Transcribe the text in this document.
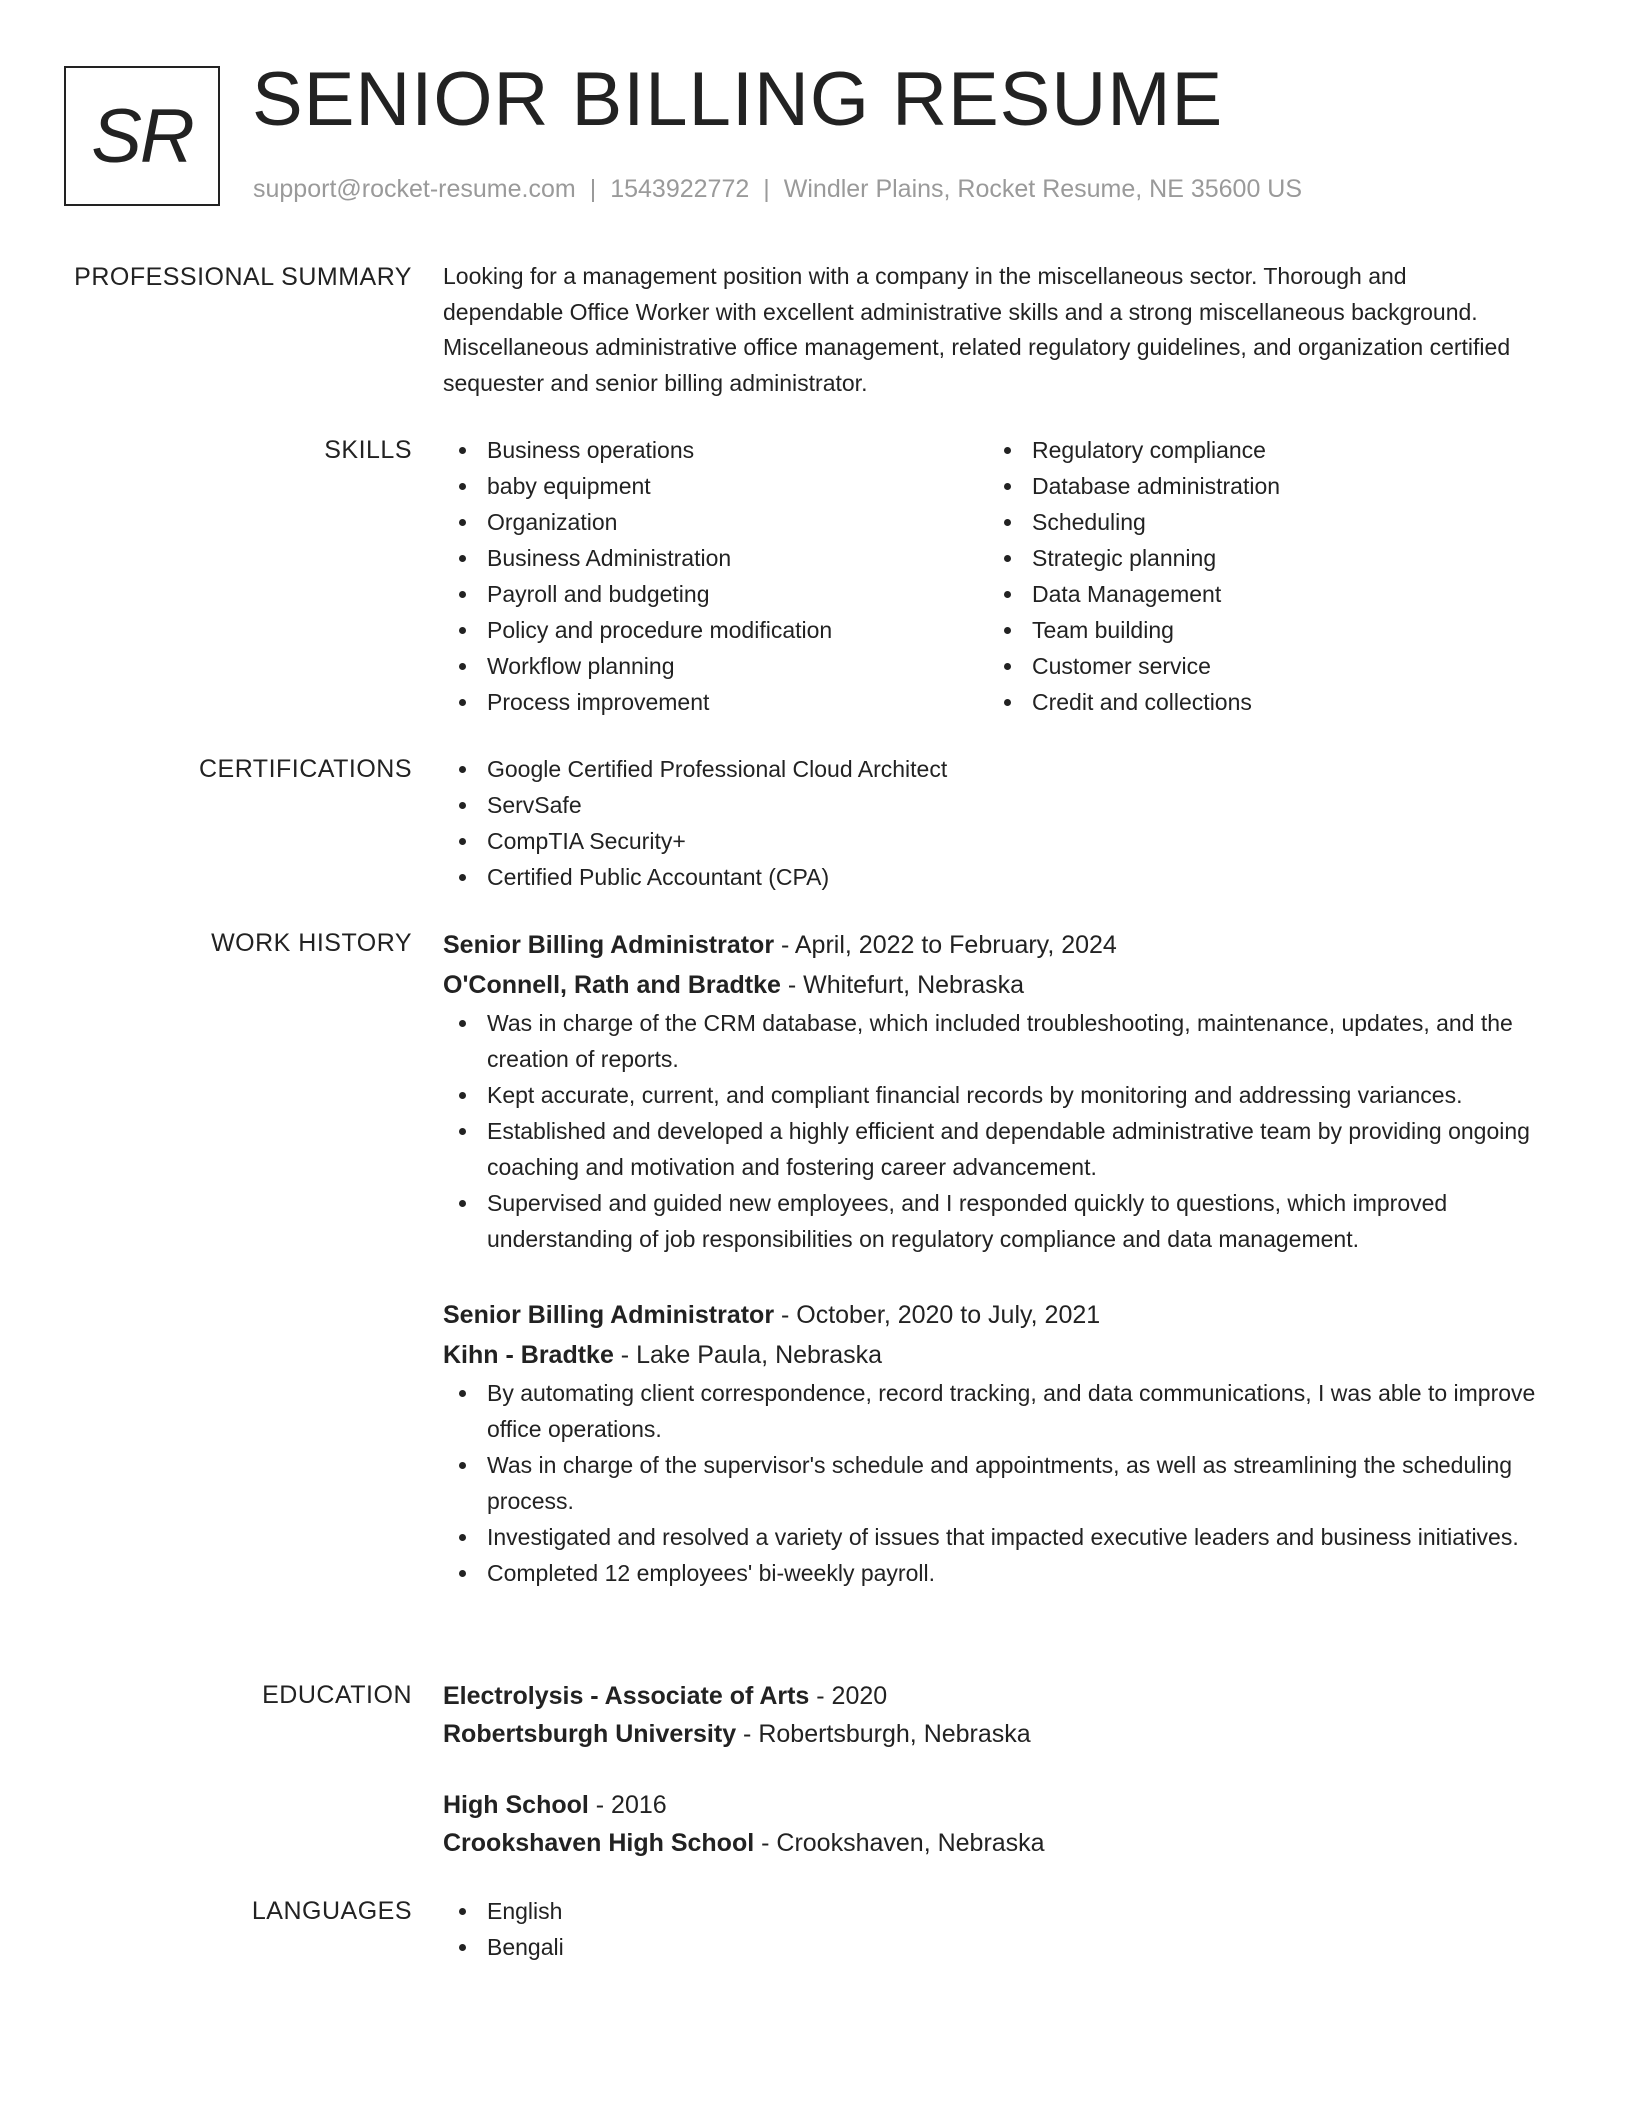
SR SENIOR BILLING RESUME
support@rocket-resume.com | 1543922772 | Windler Plains, Rocket Resume, NE 35600 US
PROFESSIONAL SUMMARY Looking for a management position with a company in the miscellaneous sector. Thorough and dependable Office Worker with excellent administrative skills and a strong miscellaneous background. Miscellaneous administrative office management, related regulatory guidelines, and organization certified sequester and senior billing administrator.

SKILLS	Business operations
baby equipment
Organization
Business Administration
Payroll and budgeting
Policy and procedure modification
Workflow planning
Process improvement
Regulatory compliance
Database administration
Scheduling
Strategic planning
Data Management
Team building
Customer service
Credit and collections
CERTIFICATIONS	Google Certified Professional Cloud Architect
ServSafe
CompTIA Security+
Certified Public Accountant (CPA)
WORK HISTORY Senior Billing Administrator - April, 2022 to February, 2024
O'Connell, Rath and Bradtke - Whitefurt, Nebraska
Was in charge of the CRM database, which included troubleshooting, maintenance, updates, and the creation of reports.
Kept accurate, current, and compliant financial records by monitoring and addressing variances.
Established and developed a highly efficient and dependable administrative team by providing ongoing coaching and motivation and fostering career advancement.
Supervised and guided new employees, and I responded quickly to questions, which improved understanding of job responsibilities on regulatory compliance and data management.
Senior Billing Administrator - October, 2020 to July, 2021
Kihn - Bradtke - Lake Paula, Nebraska
By automating client correspondence, record tracking, and data communications, I was able to improve office operations.
Was in charge of the supervisor's schedule and appointments, as well as streamlining the scheduling process.
Investigated and resolved a variety of issues that impacted executive leaders and business initiatives.
Completed 12 employees' bi-weekly payroll.
EDUCATION Electrolysis - Associate of Arts - 2020
Robertsburgh University - Robertsburgh, Nebraska
High School - 2016
Crookshaven High School - Crookshaven, Nebraska
LANGUAGES	English
Bengali
